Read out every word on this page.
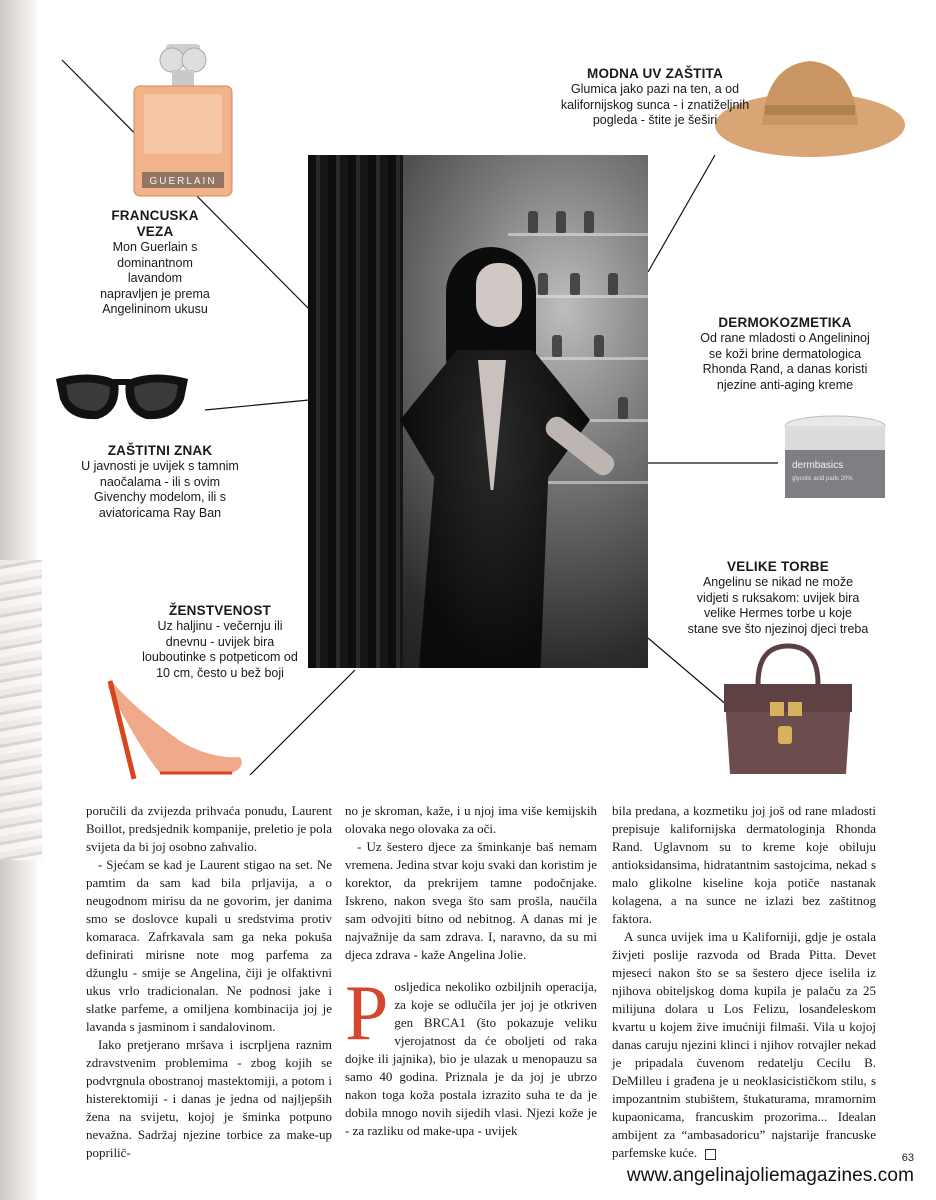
GUERLAIN
dermbasics
glycolic acid pads 20%
MODNA UV ZAŠTITA

Glumica jako pazi na ten, a od

kalifornijskog sunca - i znatiželjnih

pogleda - štite je šeširi

FRANCUSKA
VEZA

Mon Guerlain s

dominantnom

lavandom

napravljen je prema

Angelininom ukusu

DERMOKOZMETIKA

Od rane mladosti o Angelininoj

se koži brine dermatologica

Rhonda Rand, a danas koristi

njezine anti-aging kreme

ZAŠTITNI ZNAK

U javnosti je uvijek s tamnim

naočalama - ili s ovim

Givenchy modelom, ili s

aviatoricama Ray Ban

VELIKE TORBE

Angelinu se nikad ne može

vidjeti s ruksakom: uvijek bira

velike Hermes torbe u koje

stane sve što njezinoj djeci treba

ŽENSTVENOST

Uz haljinu - večernju ili

dnevnu - uvijek bira

louboutinke s potpeticom od

10 cm, često u bež boji

poručili da zvijezda prihvaća ponudu, Laurent Boillot, predsjednik kompanije, preletio je pola svijeta da bi joj osobno zahvalio.

- Sjećam se kad je Laurent stigao na set. Ne pamtim da sam kad bila prljavija, a o neugodnom mirisu da ne govorim, jer danima smo se doslovce kupali u sredstvima protiv komaraca. Zafrkavala sam ga neka pokuša definirati mirisne note mog parfema za džunglu - smije se Angelina, čiji je olfaktivni ukus vrlo tradicionalan. Ne podnosi jake i slatke parfeme, a omiljena kombinacija joj je lavanda s jasminom i sandalovinom.

Iako pretjerano mršava i iscrpljena raznim zdravstvenim problemima - zbog kojih se podvrgnula obostranoj mastektomiji, a potom i histerektomiji - i danas je jedna od najljepših žena na svijetu, kojoj je šminka potpuno nevažna. Sadržaj njezine torbice za make-up poprilič-

no je skroman, kaže, i u njoj ima više kemijskih olovaka nego olovaka za oči.

- Uz šestero djece za šminkanje baš nemam vremena. Jedina stvar koju svaki dan koristim je korektor, da prekrijem tamne podočnjake. Iskreno, nakon svega što sam prošla, naučila sam odvojiti bitno od nebitnog. A danas mi je najvažnije da sam zdrava. I, naravno, da su mi djeca zdrava - kaže Angelina Jolie.

Posljedica nekoliko ozbiljnih operacija, za koje se odlučila jer joj je otkriven gen BRCA1 (što pokazuje veliku vjerojatnost da će oboljeti od raka dojke ili jajnika), bio je ulazak u menopauzu sa samo 40 godina. Priznala je da joj je ubrzo nakon toga koža postala izrazito suha te da je dobila mnogo novih sijedih vlasi. Njezi kože je - za razliku od make-upa - uvijek

bila predana, a kozmetiku joj još od rane mladosti prepisuje kalifornijska dermatologinja Rhonda Rand. Uglavnom su to kreme koje obiluju antioksidansima, hidratantnim sastojcima, nekad s malo glikolne kiseline koja potiče nastanak kolagena, a na sunce ne izlazi bez zaštitnog faktora.

A sunca uvijek ima u Kaliforniji, gdje je ostala živjeti poslije razvoda od Brada Pitta. Devet mjeseci nakon što se sa šestero djece iselila iz njihova obiteljskog doma kupila je palaču za 25 milijuna dolara u Los Felizu, losanđeleskom kvartu u kojem žive imućniji filmaši. Vila u kojoj danas caruju njezini klinci i njihov rotvajler nekad je pripadala čuvenom redatelju Cecilu B. DeMilleu i građena je u neoklasicističkom stilu, s impozantnim stubištem, štukaturama, mramornim kupaonicama, francuskim prozorima... Idealan ambijent za “ambasadoricu” najstarije francuske parfemske kuće.	63
www.angelinajoliemagazines.com
